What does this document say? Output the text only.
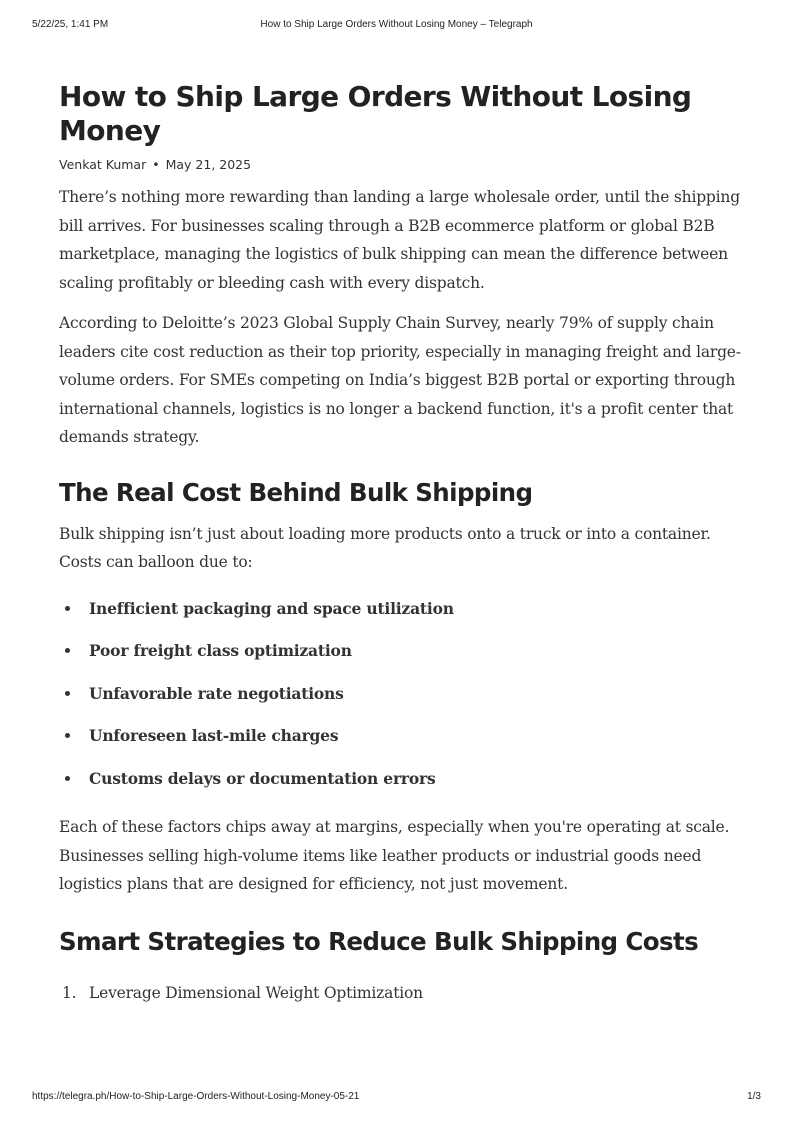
5/22/25, 1:41 PM	How to Ship Large Orders Without Losing Money – Telegraph
How to Ship Large Orders Without Losing Money
Venkat Kumar • May 21, 2025

There’s nothing more rewarding than landing a large wholesale order, until the shipping bill arrives. For businesses scaling through a B2B ecommerce platform or global B2B marketplace, managing the logistics of bulk shipping can mean the difference between scaling profitably or bleeding cash with every dispatch.

According to Deloitte’s 2023 Global Supply Chain Survey, nearly 79% of supply chain leaders cite cost reduction as their top priority, especially in managing freight and large-volume orders. For SMEs competing on India’s biggest B2B portal or exporting through international channels, logistics is no longer a backend function, it's a profit center that demands strategy.

The Real Cost Behind Bulk Shipping

Bulk shipping isn’t just about loading more products onto a truck or into a container. Costs can balloon due to:

Inefficient packaging and space utilization
Poor freight class optimization
Unfavorable rate negotiations
Unforeseen last-mile charges
Customs delays or documentation errors

Each of these factors chips away at margins, especially when you're operating at scale. Businesses selling high-volume items like leather products or industrial goods need logistics plans that are designed for efficiency, not just movement.

Smart Strategies to Reduce Bulk Shipping Costs
1. Leverage Dimensional Weight Optimization
https://telegra.ph/How-to-Ship-Large-Orders-Without-Losing-Money-05-21	1/3
